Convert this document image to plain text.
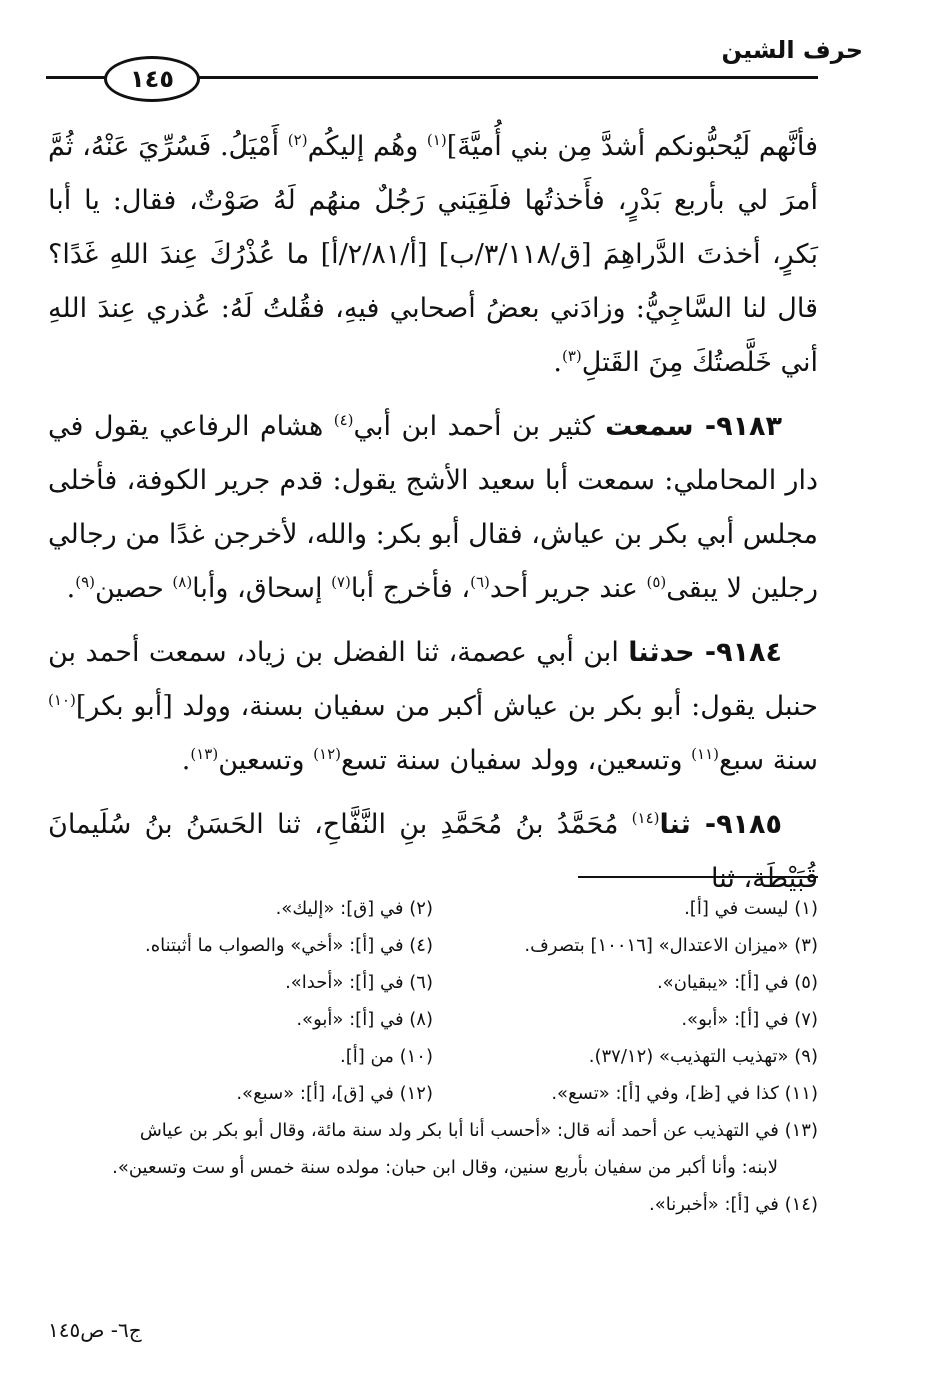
حرف الشين
١٤٥

فأنَّهم لَيُحبُّونكم أشدَّ مِن بني أُميَّةَ]$^{(١)}$ وهُم إليكُم$^{(٢)}$ أَمْيَلُ. فَسُرِّيَ عَنْهُ، ثُمَّ أمرَ لي بأربع بَدْرٍ، فأَخذتُها فلَقِيَني رَجُلٌ منهُم لَهُ صَوْتٌ، فقال: يا أبا بَكرٍ، أخذتَ الدَّراهِمَ [ق/٣/١١٨/ب] [أ/٢/٨١/أ] ما عُذْرُكَ عِندَ اللهِ غَدًا؟ قال لنا السَّاجِيُّ: وزادَني بعضُ أصحابي فيهِ، فقُلتُ لَهُ: عُذري عِندَ اللهِ أني خَلَّصتُكَ مِنَ القَتلِ$^{(٣)}$.

٩١٨٣- سمعت كثير بن أحمد ابن أبي$^{(٤)}$ هشام الرفاعي يقول في دار المحاملي: سمعت أبا سعيد الأشج يقول: قدم جرير الكوفة، فأخلى مجلس أبي بكر بن عياش، فقال أبو بكر: والله، لأخرجن غدًا من رجالي رجلين لا يبقى$^{(٥)}$ عند جرير أحد$^{(٦)}$، فأخرج أبا$^{(٧)}$ إسحاق، وأبا$^{(٨)}$ حصين$^{(٩)}$.

٩١٨٤- حدثنا ابن أبي عصمة، ثنا الفضل بن زياد، سمعت أحمد بن حنبل يقول: أبو بكر بن عياش أكبر من سفيان بسنة، وولد [أبو بكر]$^{(١٠)}$ سنة سبع$^{(١١)}$ وتسعين، وولد سفيان سنة تسع$^{(١٢)}$ وتسعين$^{(١٣)}$.

٩١٨٥- ثنا$^{(١٤)}$ مُحَمَّدُ بنُ مُحَمَّدِ بنِ النَّفَّاحِ، ثنا الحَسَنُ بنُ سُلَيمانَ قُبَيْطَة، ثنا

(١) ليست في [أ].
(٢) في [ق]: «إليك».
(٣) «ميزان الاعتدال» [١٠٠١٦] بتصرف.
(٤) في [أ]: «أخي» والصواب ما أثبتناه.
(٥) في [أ]: «يبقيان».
(٦) في [أ]: «أحدا».
(٧) في [أ]: «أبو».
(٨) في [أ]: «أبو».
(٩) «تهذيب التهذيب» (٣٧/١٢).
(١٠) من [أ].
(١١) كذا في [ظ]، وفي [أ]: «تسع».
(١٢) في [ق]، [أ]: «سبع».
(١٣) في التهذيب عن أحمد أنه قال: «أحسب أنا أبا بكر ولد سنة مائة، وقال أبو بكر بن عياش
لابنه: وأنا أكبر من سفيان بأربع سنين، وقال ابن حبان: مولده سنة خمس أو ست وتسعين».
(١٤) في [أ]: «أخبرنا».
ج٦- ص١٤٥
